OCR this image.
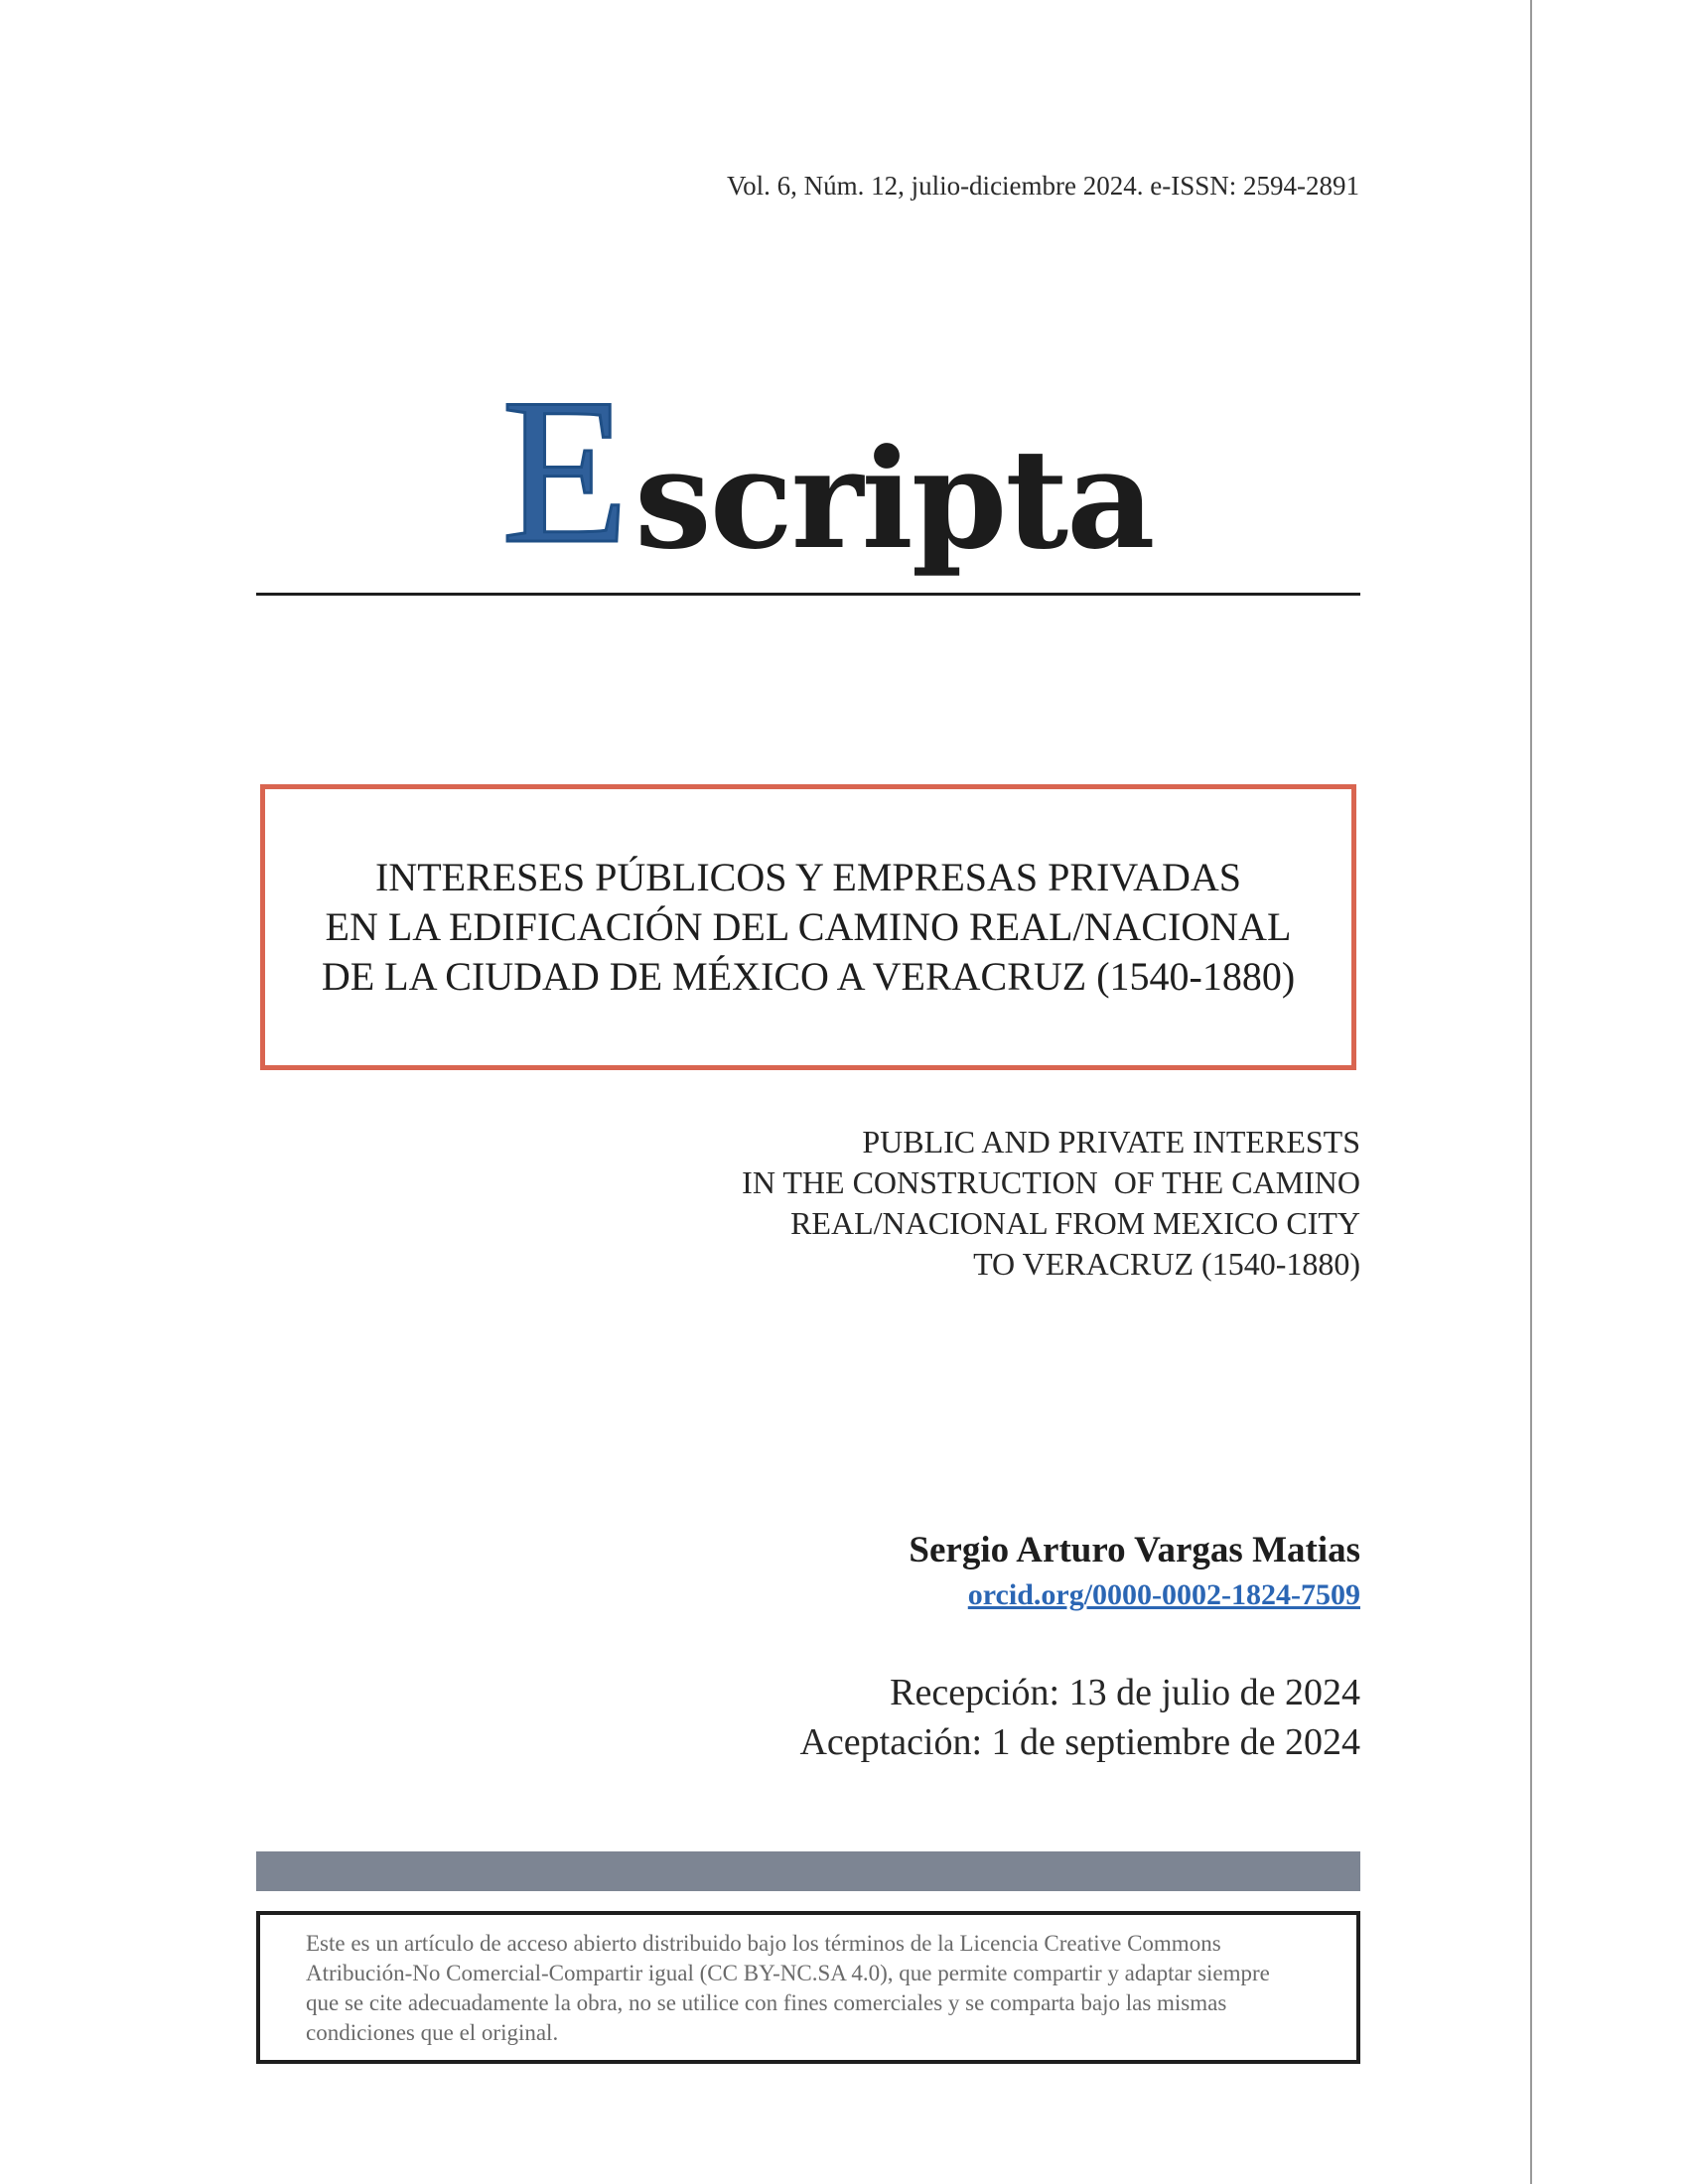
Vol. 6, Núm. 12, julio-diciembre 2024. e-ISSN: 2594-2891
E scripta
INTERESES PÚBLICOS Y EMPRESAS PRIVADAS
EN LA EDIFICACIÓN DEL CAMINO REAL/NACIONAL
DE LA CIUDAD DE MÉXICO A VERACRUZ (1540-1880)
PUBLIC AND PRIVATE INTERESTS
IN THE CONSTRUCTION  OF THE CAMINO
REAL/NACIONAL FROM MEXICO CITY
TO VERACRUZ (1540-1880)
Sergio Arturo Vargas Matias
orcid.org/0000-0002-1824-7509
Recepción: 13 de julio de 2024
Aceptación: 1 de septiembre de 2024
Este es un artículo de acceso abierto distribuido bajo los términos de la Licencia Creative Commons
Atribución-No Comercial-Compartir igual (CC BY-NC.SA 4.0), que permite compartir y adaptar siempre
que se cite adecuadamente la obra, no se utilice con fines comerciales y se comparta bajo las mismas
condiciones que el original.
